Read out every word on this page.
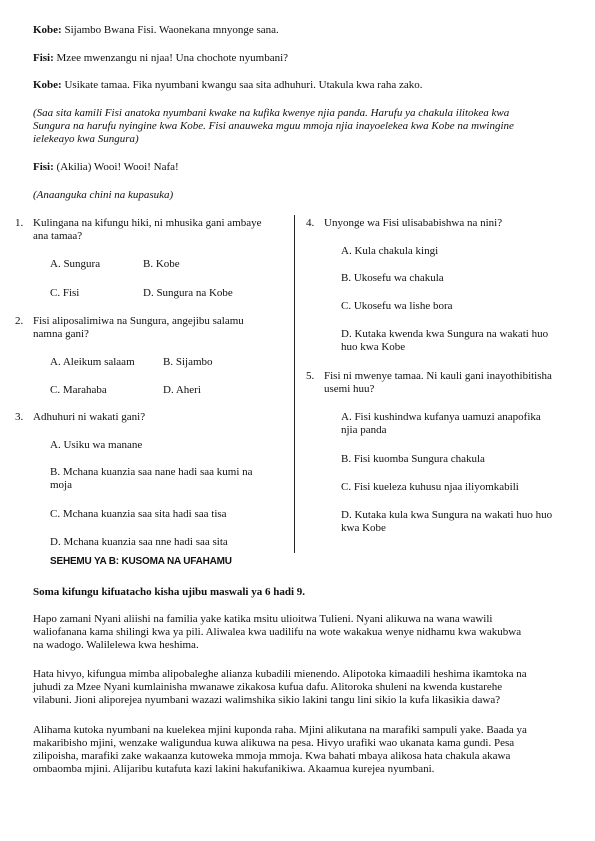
Kobe: Sijambo Bwana Fisi. Waonekana mnyonge sana.
Fisi: Mzee mwenzangu ni njaa! Una chochote nyumbani?
Kobe: Usikate tamaa. Fika nyumbani kwangu saa sita adhuhuri. Utakula kwa raha zako.
(Saa sita kamili Fisi anatoka nyumbani kwake na kufika kwenye njia panda. Harufu ya chakula ilitokea kwa
Sungura na harufu nyingine kwa Kobe. Fisi anauweka mguu mmoja njia inayoelekea kwa Kobe na mwingine
ielekeayo kwa Sungura)
Fisi: (Akilia) Wooi! Wooi! Nafa!
(Anaanguka chini na kupasuka)
1. Kulingana na kifungu hiki, ni mhusika gani ambaye
ana tamaa?
A. Sungura	B. Kobe
C. Fisi	D. Sungura na Kobe
2. Fisi aliposalimiwa na Sungura, angejibu salamu
namna gani?
A. Aleikum salaam	B. Sijambo
C. Marahaba	D. Aheri
3. Adhuhuri ni wakati gani?
A. Usiku wa manane
B. Mchana kuanzia saa nane hadi saa kumi na
moja
C. Mchana kuanzia saa sita hadi saa tisa
D. Mchana kuanzia saa nne hadi saa sita
4. Unyonge wa Fisi ulisababishwa na nini?
A. Kula chakula kingi
B. Ukosefu wa chakula
C. Ukosefu wa lishe bora
D. Kutaka kwenda kwa Sungura na wakati huo
huo kwa Kobe
5. Fisi ni mwenye tamaa. Ni kauli gani inayothibitisha
usemi huu?
A. Fisi kushindwa kufanya uamuzi anapofika
njia panda
B. Fisi kuomba Sungura chakula
C. Fisi kueleza kuhusu njaa iliyomkabili
D. Kutaka kula kwa Sungura na wakati huo huo
kwa Kobe
SEHEMU YA B: KUSOMA NA UFAHAMU
Soma kifungu kifuatacho kisha ujibu maswali ya 6 hadi 9.
Hapo zamani Nyani aliishi na familia yake katika msitu ulioitwa Tulieni. Nyani alikuwa na wana wawili
waliofanana kama shilingi kwa ya pili. Aliwalea kwa uadilifu na wote wakakua wenye nidhamu kwa wakubwa
na wadogo. Walilelewa kwa heshima.
Hata hivyo, kifungua mimba alipobaleghe alianza kubadili mienendo. Alipotoka kimaadili heshima ikamtoka na
juhudi za Mzee Nyani kumlainisha mwanawe zikakosa kufua dafu. Alitoroka shuleni na kwenda kustarehe
vilabuni. Jioni aliporejea nyumbani wazazi walimshika sikio lakini tangu lini sikio la kufa likasikia dawa?
Alihama kutoka nyumbani na kuelekea mjini kuponda raha. Mjini alikutana na marafiki sampuli yake. Baada ya
makaribisho mjini, wenzake waligundua kuwa alikuwa na pesa. Hivyo urafiki wao ukanata kama gundi. Pesa
zilipoisha, marafiki zake wakaanza kutoweka mmoja mmoja. Kwa bahati mbaya alikosa hata chakula akawa
ombaomba mjini. Alijaribu kutafuta kazi lakini hakufanikiwa. Akaamua kurejea nyumbani.
